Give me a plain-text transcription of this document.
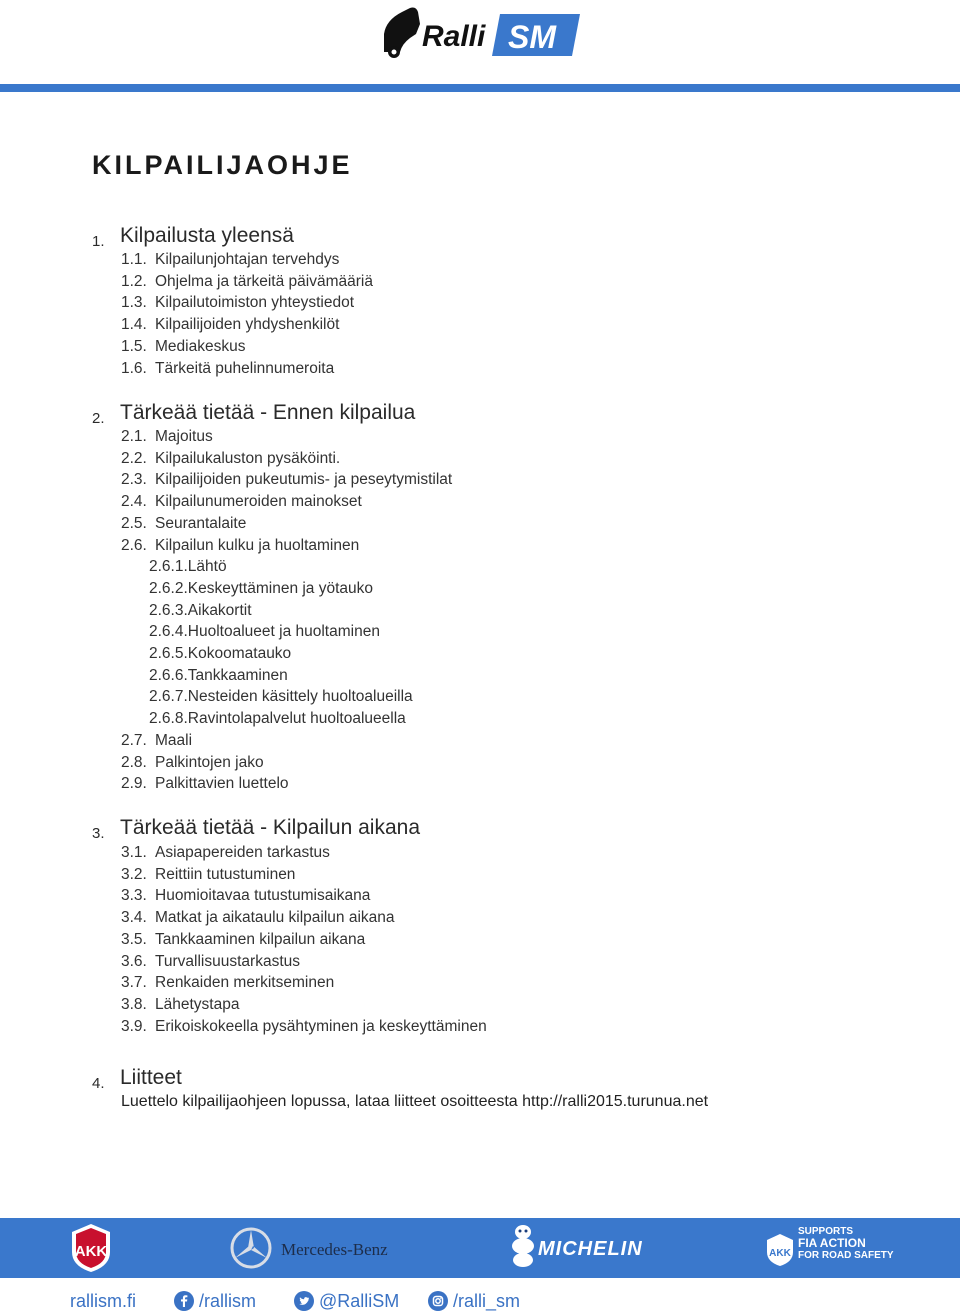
Ralli SM
KILPAILIJAOHJE
1. Kilpailusta yleensä
1.1. Kilpailunjohtajan tervehdys
1.2. Ohjelma ja tärkeitä päivämääriä
1.3. Kilpailutoimiston yhteystiedot
1.4. Kilpailijoiden yhdyshenkilöt
1.5. Mediakeskus
1.6. Tärkeitä puhelinnumeroita
2. Tärkeää tietää - Ennen kilpailua
2.1. Majoitus
2.2. Kilpailukaluston pysäköinti.
2.3. Kilpailijoiden pukeutumis- ja peseytymistilat
2.4. Kilpailunumeroiden mainokset
2.5. Seurantalaite
2.6. Kilpailun kulku ja huoltaminen
2.6.1.Lähtö
2.6.2.Keskeyttäminen ja yötauko
2.6.3.Aikakortit
2.6.4.Huoltoalueet ja huoltaminen
2.6.5.Kokoomatauko
2.6.6.Tankkaaminen
2.6.7.Nesteiden käsittely huoltoalueilla
2.6.8.Ravintolapalvelut huoltoalueella
2.7. Maali
2.8. Palkintojen jako
2.9. Palkittavien luettelo
3. Tärkeää tietää - Kilpailun aikana
3.1. Asiapapereiden tarkastus
3.2. Reittiin tutustuminen
3.3. Huomioitavaa tutustumisaikana
3.4. Matkat ja aikataulu kilpailun aikana
3.5. Tankkaaminen kilpailun aikana
3.6. Turvallisuustarkastus
3.7. Renkaiden merkitseminen
3.8. Lähetystapa
3.9. Erikoiskokeella pysähtyminen ja keskeyttäminen
4. Liitteet
Luettelo kilpailijaohjeen lopussa, lataa liitteet osoitteesta http://ralli2015.turunua.net
AKK	Mercedes-Benz	MICHELIN	AKK
SUPPORTS
FIA ACTION
FOR ROAD SAFETY
rallism.fi	/rallism	@RalliSM	/ralli_sm
